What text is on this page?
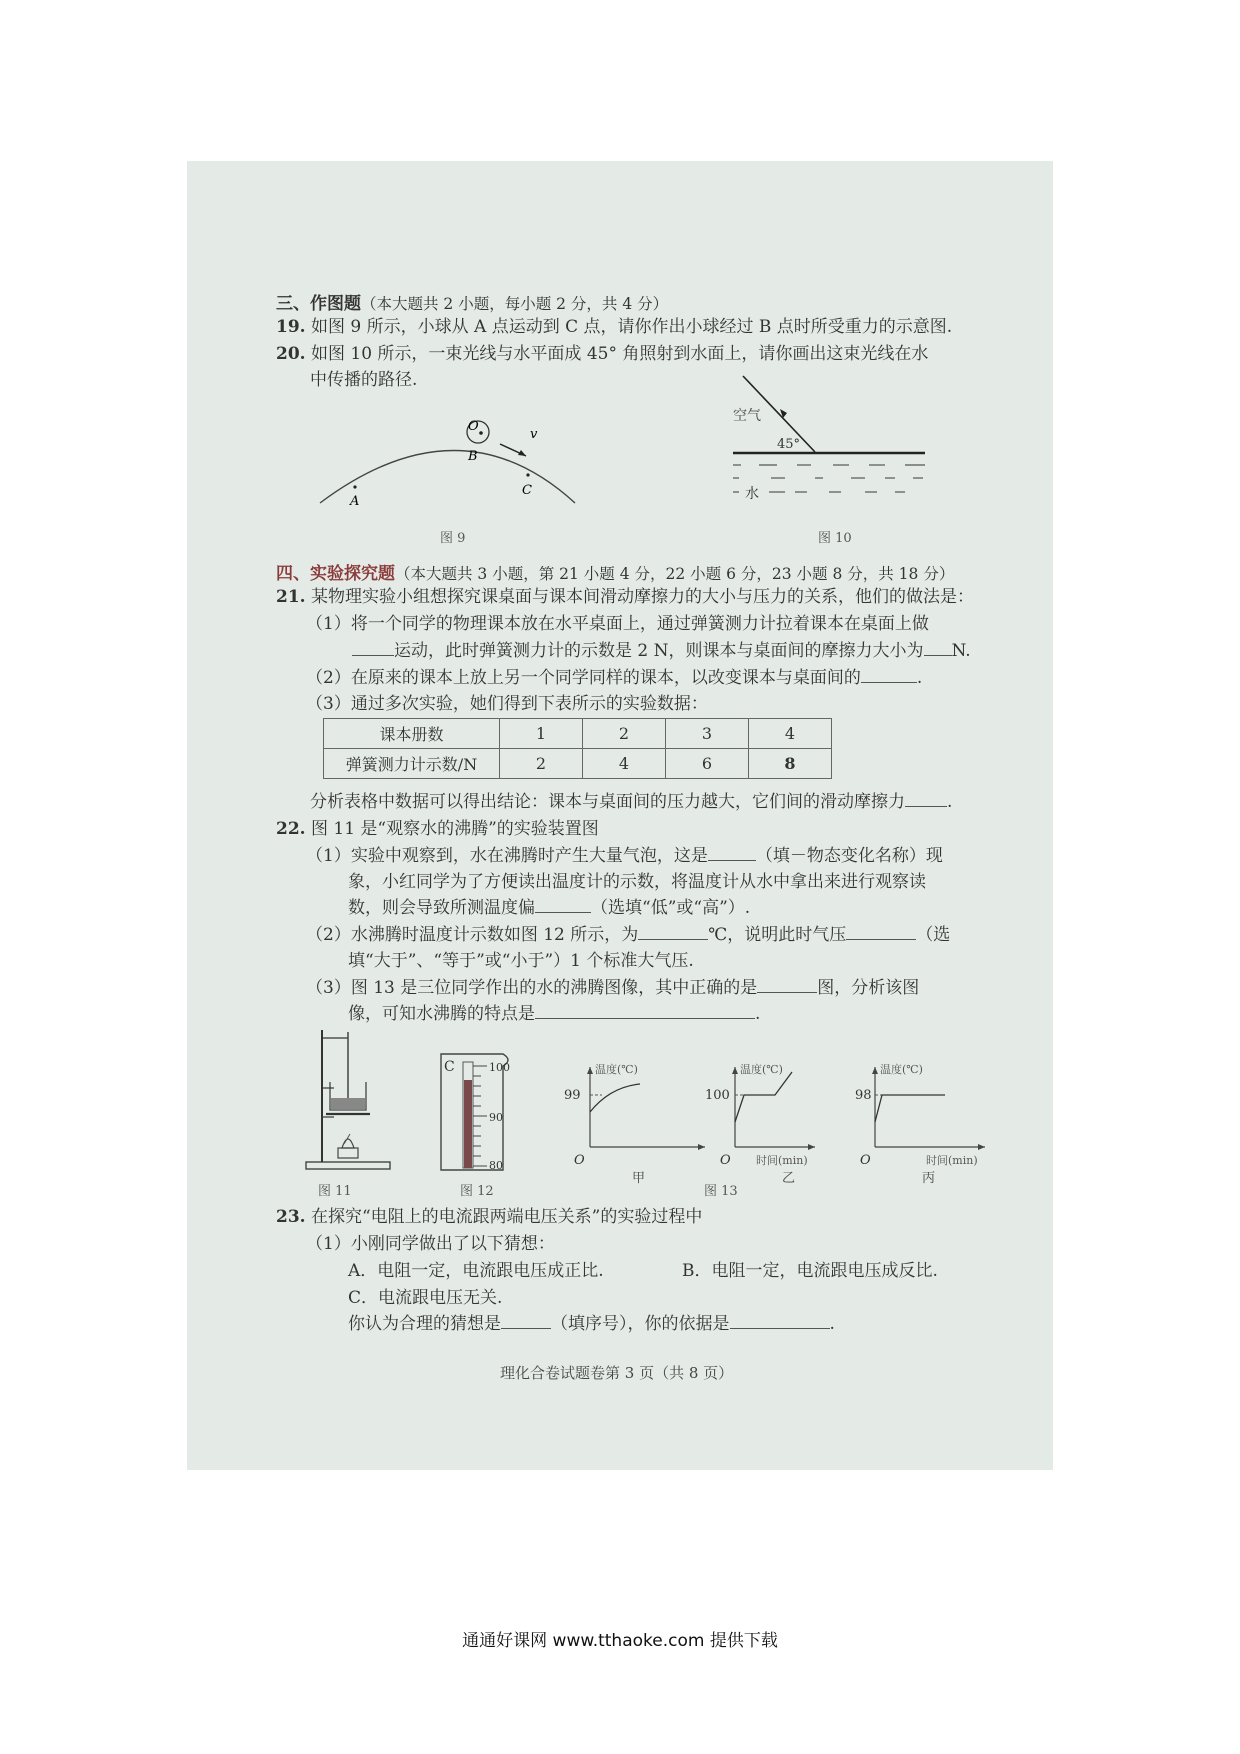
三、作图题（本大题共 2 小题，每小题 2 分，共 4 分）
19. 如图 9 所示，小球从 A 点运动到 C 点，请你作出小球经过 B 点时所受重力的示意图.
20. 如图 10 所示，一束光线与水平面成 45° 角照射到水面上，请你画出这束光线在水
中传播的路径.
O
B
v
A
C
图 9
空气
45°
水
图 10
四、实验探究题（本大题共 3 小题，第 21 小题 4 分，22 小题 6 分，23 小题 8 分，共 18 分）
21. 某物理实验小组想探究课桌面与课本间滑动摩擦力的大小与压力的关系，他们的做法是：
（1）将一个同学的物理课本放在水平桌面上，通过弹簧测力计拉着课本在桌面上做
运动，此时弹簧测力计的示数是 2 N，则课本与桌面间的摩擦力大小为 N.
（2）在原来的课本上放上另一个同学同样的课本，以改变课本与桌面间的	.
（3）通过多次实验，她们得到下表所示的实验数据：
课本册数	1	2	3	4
弹簧测力计示数/N	2	4	6	8
分析表格中数据可以得出结论：课本与桌面间的压力越大，它们间的滑动摩擦力 .
22. 图 11 是“观察水的沸腾”的实验装置图
（1）实验中观察到，水在沸腾时产生大量气泡，这是	（填－物态变化名称）现
象，小红同学为了方便读出温度计的示数，将温度计从水中拿出来进行观察读
数，则会导致所测温度偏	（选填“低”或“高”）.
（2）水沸腾时温度计示数如图 12 所示，为	℃，说明此时气压	（选
填“大于”、“等于”或“小于”）1 个标准大气压.
（3）图 13 是三位同学作出的水的沸腾图像，其中正确的是	图，分析该图
像，可知水沸腾的特点是	.
图 11
C	100
90
80
图 12
温度(℃)
99
O
甲
温度(℃)
100
O 时间(min)
乙
温度(℃)
98
O	时间(min)
丙
图 13
23. 在探究“电阻上的电流跟两端电压关系”的实验过程中
（1）小刚同学做出了以下猜想：
A．电阻一定，电流跟电压成正比.	B．电阻一定，电流跟电压成反比.
C．电流跟电压无关.
你认为合理的猜想是	（填序号），你的依据是	.
理化合卷试题卷第 3 页（共 8 页）
通通好课网 www.tthaoke.com 提供下载
